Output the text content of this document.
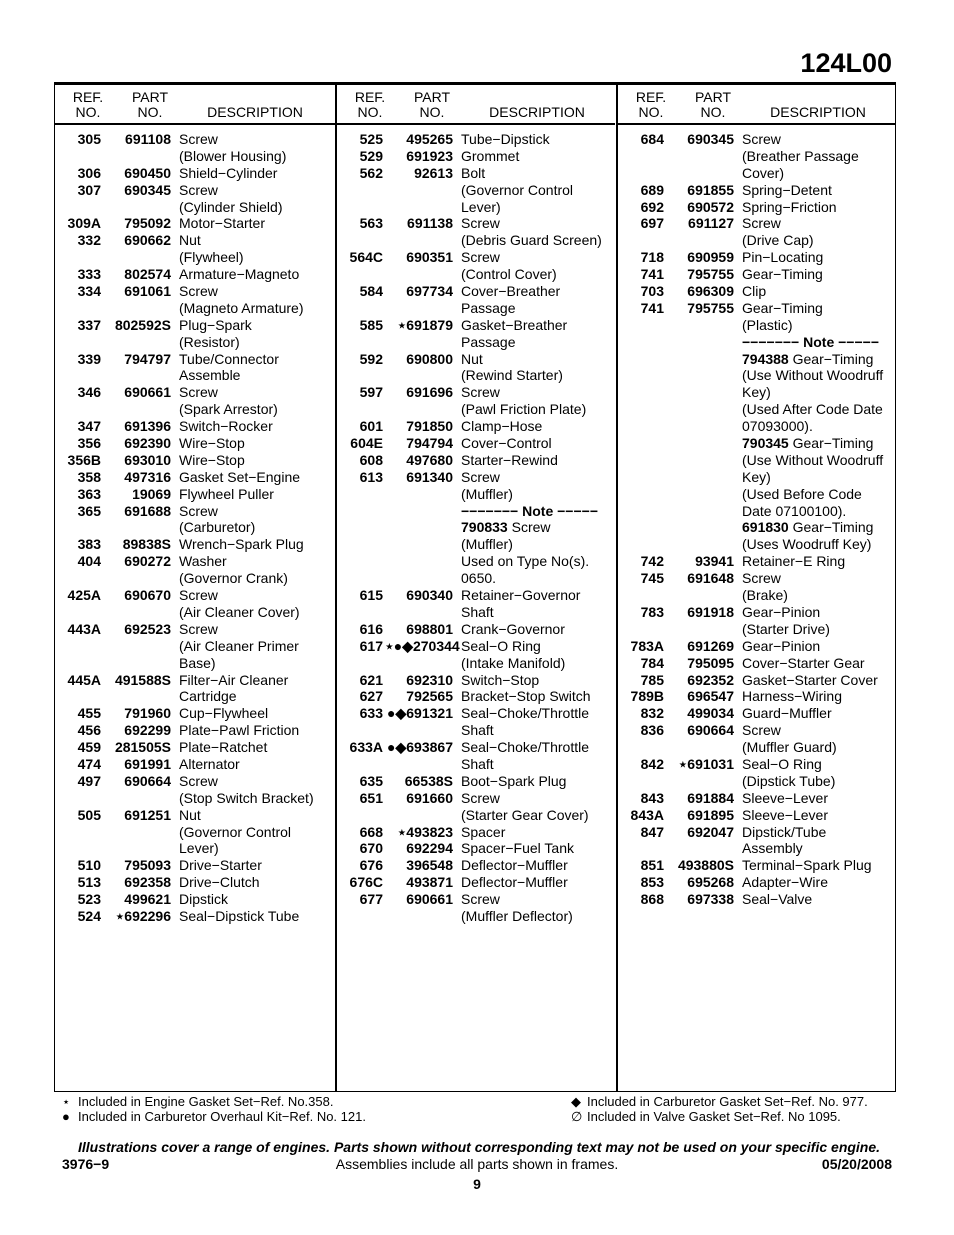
124L00
REF.
NO.
PART
NO.	DESCRIPTION
305	691108 Screw
(Blower Housing)
306	690450 Shield−Cylinder
307	690345 Screw
(Cylinder Shield)
309A	795092 Motor−Starter
332	690662 Nut
(Flywheel)
333	802574 Armature−Magneto
334	691061 Screw
(Magneto Armature)
337 802592S Plug−Spark
(Resistor)
339	794797 Tube/Connector
Assemble
346	690661 Screw
(Spark Arrestor)
347	691396 Switch−Rocker
356	692390 Wire−Stop
356B	693010 Wire−Stop
358	497316 Gasket Set−Engine
363	19069 Flywheel Puller
365	691688 Screw
(Carburetor)
383	89838S Wrench−Spark Plug
404	690272 Washer
(Governor Crank)
425A	690670 Screw
(Air Cleaner Cover)
443A	692523 Screw
(Air Cleaner Primer
Base)
445A 491588S Filter−Air Cleaner
Cartridge
455	791960 Cup−Flywheel
456	692299 Plate−Pawl Friction
459 281505S Plate−Ratchet
474	691991 Alternator
497	690664 Screw
(Stop Switch Bracket)
505	691251 Nut
(Governor Control
Lever)
510	795093 Drive−Starter
513	692358 Drive−Clutch
523	499621 Dipstick
524	⋆692296 Seal−Dipstick Tube
REF.
NO.
PART
NO.	DESCRIPTION
525	495265 Tube−Dipstick
529	691923 Grommet
562	92613 Bolt
(Governor Control
Lever)
563	691138 Screw
(Debris Guard Screen)
564C	690351 Screw
(Control Cover)
584	697734 Cover−Breather
Passage
585	⋆691879 Gasket−Breather
Passage
592	690800 Nut
(Rewind Starter)
597	691696 Screw
(Pawl Friction Plate)
601	791850 Clamp−Hose
604E	794794 Cover−Control
608	497680 Starter−Rewind
613	691340 Screw
(Muffler)
−−−−−−− Note −−−−−
790833 Screw
(Muffler)
Used on Type No(s).
0650.
615	690340 Retainer−Governor
Shaft
616	698801 Crank−Governor
617 ⋆●◆270344 Seal−O Ring
(Intake Manifold)
621	692310 Switch−Stop
627	792565 Bracket−Stop Switch
633 ●◆691321 Seal−Choke/Throttle
Shaft
633A ●◆693867 Seal−Choke/Throttle
Shaft
635	66538S Boot−Spark Plug
651	691660 Screw
(Starter Gear Cover)
668	⋆493823 Spacer
670	692294 Spacer−Fuel Tank
676	396548 Deflector−Muffler
676C	493871 Deflector−Muffler
677	690661 Screw
(Muffler Deflector)
REF.
NO.
PART
NO.	DESCRIPTION
684	690345 Screw
(Breather Passage
Cover)
689	691855 Spring−Detent
692	690572 Spring−Friction
697	691127 Screw
(Drive Cap)
718	690959 Pin−Locating
741	795755 Gear−Timing
703	696309 Clip
741	795755 Gear−Timing
(Plastic)
−−−−−−− Note −−−−−
794388 Gear−Timing
(Use Without Woodruff
Key)
(Used After Code Date
07093000).
790345 Gear−Timing
(Use Without Woodruff
Key)
(Used Before Code
Date 07100100).
691830 Gear−Timing
(Uses Woodruff Key)
742	93941 Retainer−E Ring
745	691648 Screw
(Brake)
783	691918 Gear−Pinion
(Starter Drive)
783A	691269 Gear−Pinion
784	795095 Cover−Starter Gear
785	692352 Gasket−Starter Cover
789B	696547 Harness−Wiring
832	499034 Guard−Muffler
836	690664 Screw
(Muffler Guard)
842	⋆691031 Seal−O Ring
(Dipstick Tube)
843	691884 Sleeve−Lever
843A	691895 Sleeve−Lever
847	692047 Dipstick/Tube
Assembly
851 493880S Terminal−Spark Plug
853	695268 Adapter−Wire
868	697338 Seal−Valve
⋆ Included in Engine Gasket Set−Ref. No.358.
● Included in Carburetor Overhaul Kit−Ref. No. 121.
◆ Included in Carburetor Gasket Set−Ref. No. 977.
∅ Included in Valve Gasket Set−Ref. No 1095.
Illustrations cover a range of engines. Parts shown without corresponding text may not be used on your specific engine.
3976−9	Assemblies include all parts shown in frames.	05/20/2008
9
